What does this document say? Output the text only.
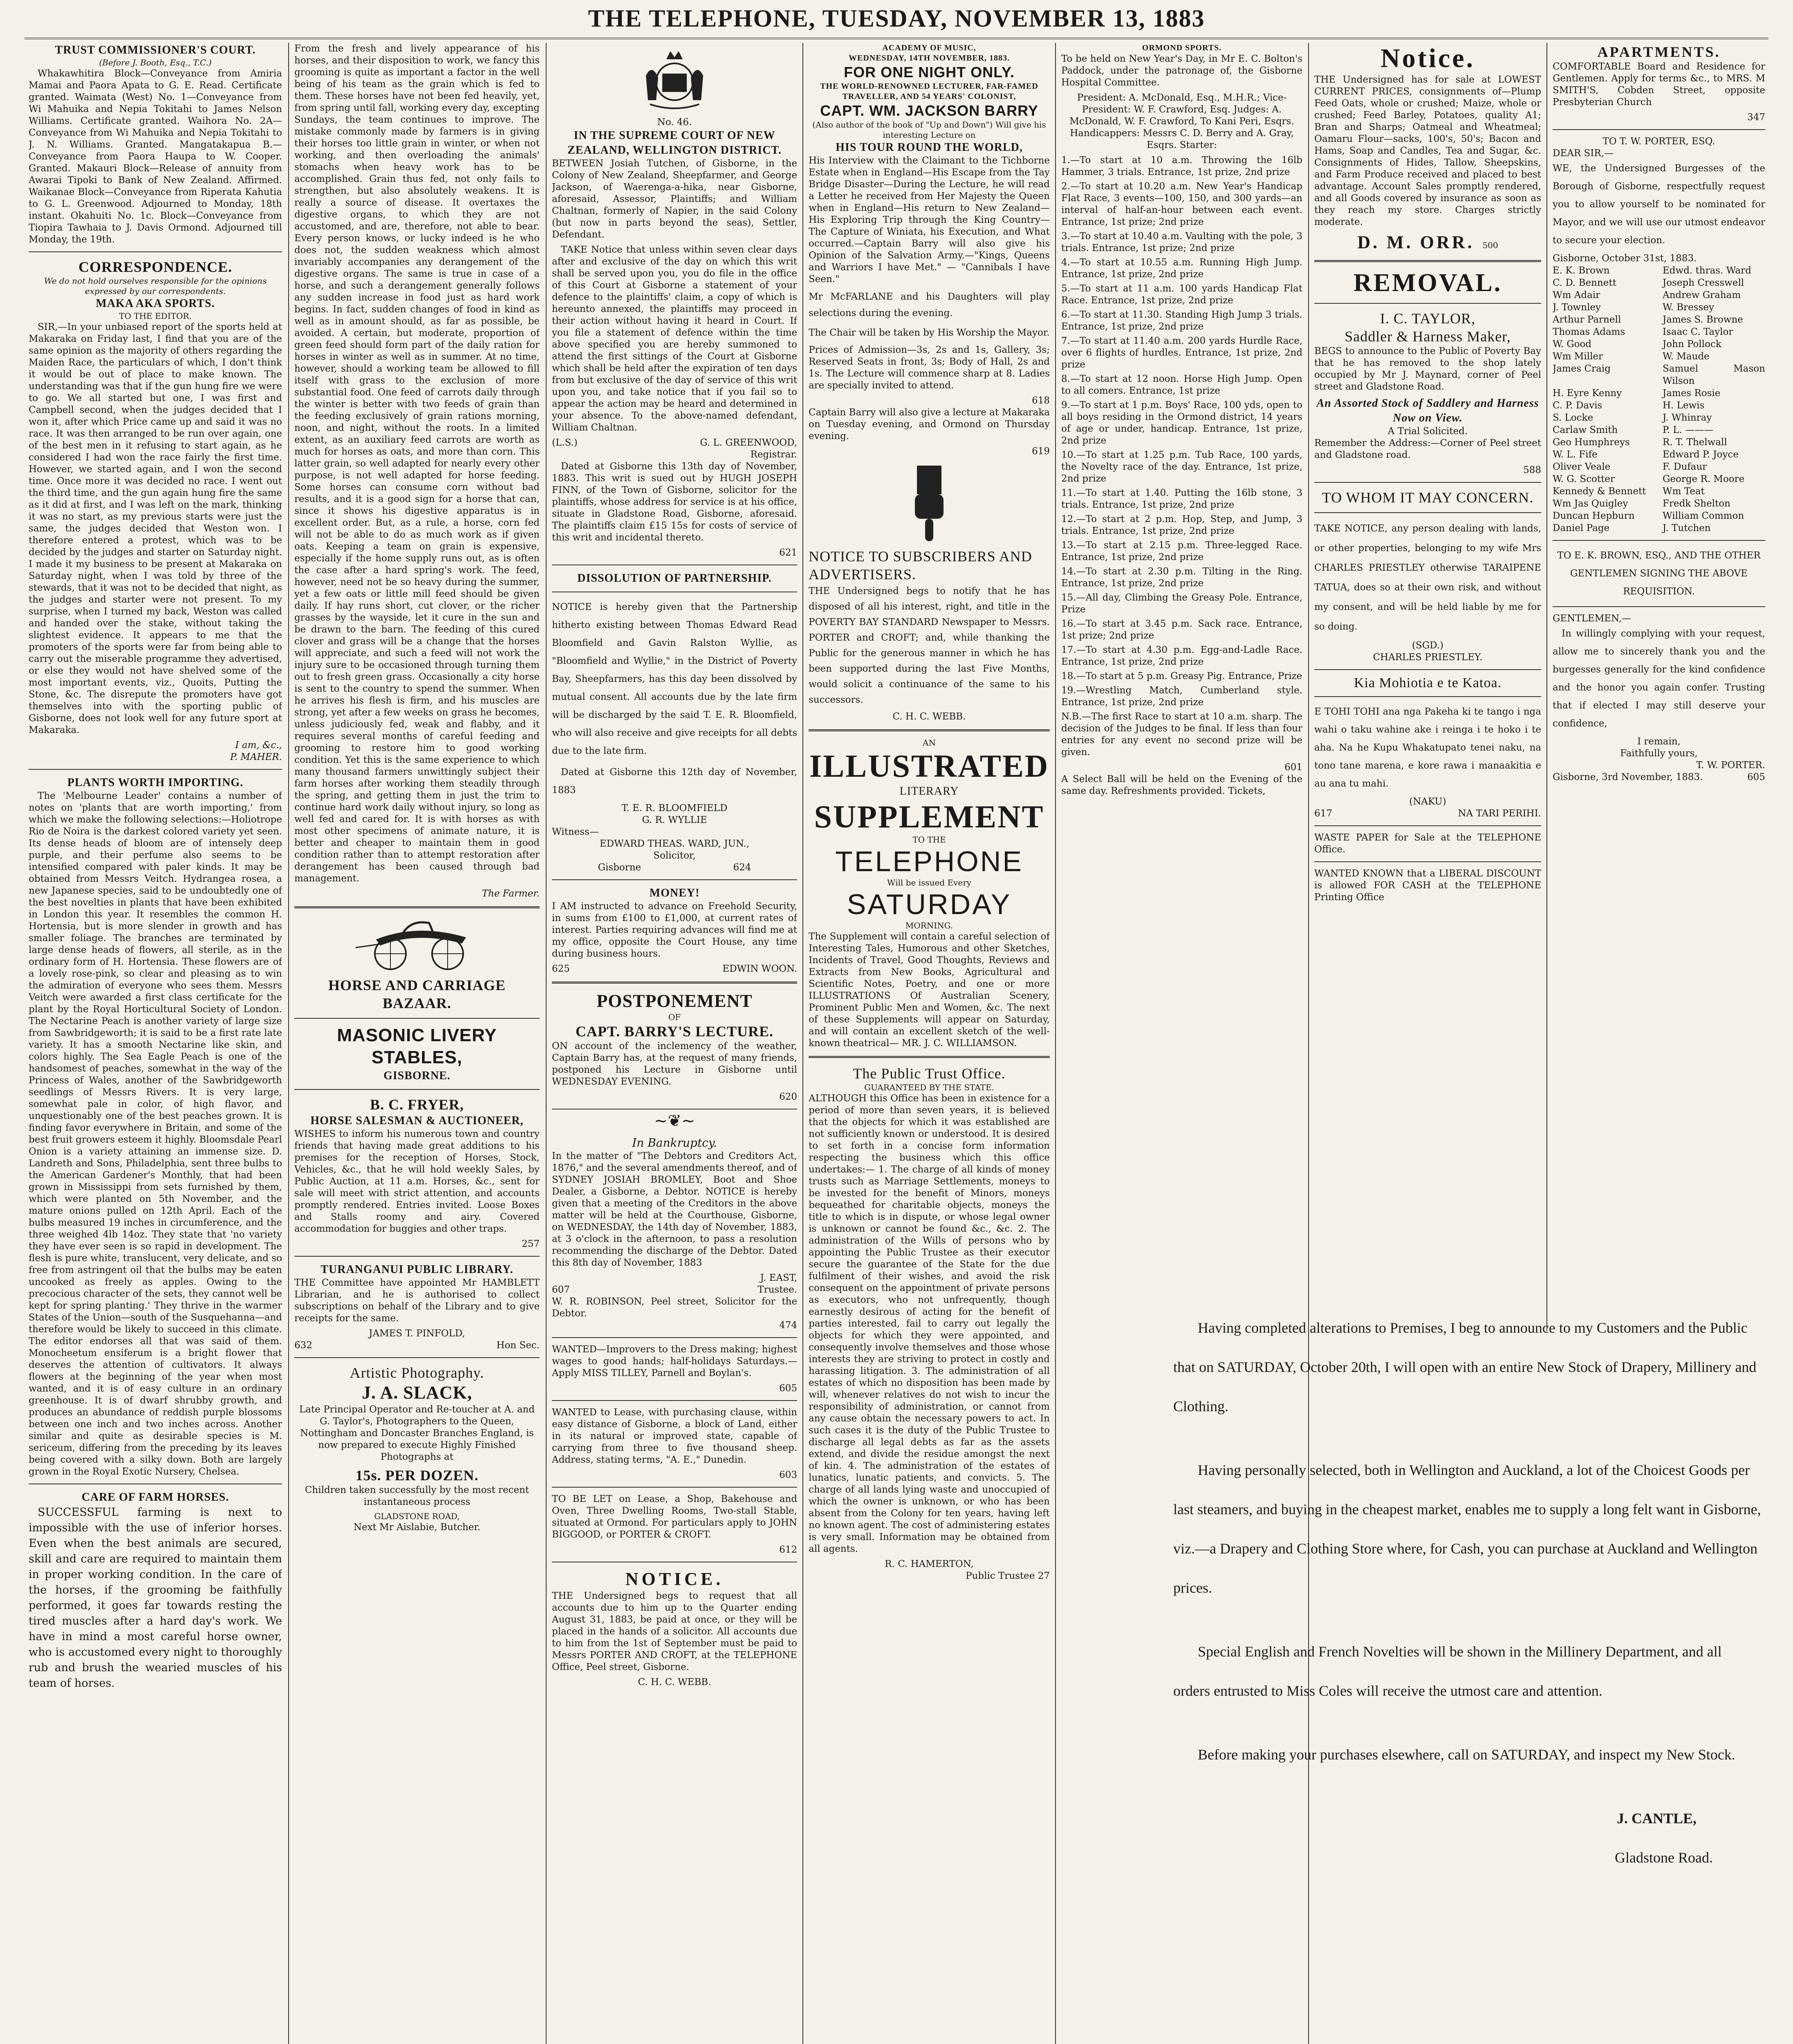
THE TELEPHONE, TUESDAY, NOVEMBER 13, 1883
TRUST COMMISSIONER'S COURT.
(Before J. Booth, Esq., T.C.)

Whakawhitira Block—Conveyance from Amiria Mamai and Paora Apata to G. E. Read. Certificate granted. Waimata (West) No. 1—Conveyance from Wi Mahuika and Nepia Tokitahi to James Nelson Williams. Certificate granted. Waihora No. 2A—Conveyance from Wi Mahuika and Nepia Tokitahi to J. N. Williams. Granted. Mangatakapua B.—Conveyance from Paora Haupa to W. Cooper. Granted. Makauri Block—Release of annuity from Awarai Tipoki to Bank of New Zealand. Affirmed. Waikanae Block—Conveyance from Riperata Kahutia to G. L. Greenwood. Adjourned to Monday, 18th instant. Okahuiti No. 1c. Block—Conveyance from Tiopira Tawhaia to J. Davis Ormond. Adjourned till Monday, the 19th.

CORRESPONDENCE.
We do not hold ourselves responsible for the opinions expressed by our correspondents.
MAKA AKA SPORTS.
TO THE EDITOR.

SIR,—In your unbiased report of the sports held at Makaraka on Friday last, I find that you are of the same opinion as the majority of others regarding the Maiden Race, the particulars of which, I don't think it would be out of place to make known. The understanding was that if the gun hung fire we were to go. We all started but one, I was first and Campbell second, when the judges decided that I won it, after which Price came up and said it was no race. It was then arranged to be run over again, one of the best men in it refusing to start again, as he considered I had won the race fairly the first time. However, we started again, and I won the second time. Once more it was decided no race. I went out the third time, and the gun again hung fire the same as it did at first, and I was left on the mark, thinking it was no start, as my previous starts were just the same, the judges decided that Weston won. I therefore entered a protest, which was to be decided by the judges and starter on Saturday night. I made it my business to be present at Makaraka on Saturday night, when I was told by three of the stewards, that it was not to be decided that night, as the judges and starter were not present. To my surprise, when I turned my back, Weston was called and handed over the stake, without taking the slightest evidence. It appears to me that the promoters of the sports were far from being able to carry out the miserable programme they advertised, or else they would not have shelved some of the most important events, viz., Quoits, Putting the Stone, &c. The disrepute the promoters have got themselves into with the sporting public of Gisborne, does not look well for any future sport at Makaraka.

I am, &c.,
P. MAHER.
PLANTS WORTH IMPORTING.

The 'Melbourne Leader' contains a number of notes on 'plants that are worth importing,' from which we make the following selections:—Holiotrope Rio de Noira is the darkest colored variety yet seen. Its dense heads of bloom are of intensely deep purple, and their perfume also seems to be intensified compared with paler kinds. It may be obtained from Messrs Veitch. Hydrangea rosea, a new Japanese species, said to be undoubtedly one of the best novelties in plants that have been exhibited in London this year. It resembles the common H. Hortensia, but is more slender in growth and has smaller foliage. The branches are terminated by large dense heads of flowers, all sterile, as in the ordinary form of H. Hortensia. These flowers are of a lovely rose-pink, so clear and pleasing as to win the admiration of everyone who sees them. Messrs Veitch were awarded a first class certificate for the plant by the Royal Horticultural Society of London. The Nectarine Peach is another variety of large size from Sawbridgeworth; it is said to be a first rate late variety. It has a smooth Nectarine like skin, and colors highly. The Sea Eagle Peach is one of the handsomest of peaches, somewhat in the way of the Princess of Wales, another of the Sawbridgeworth seedlings of Messrs Rivers. It is very large, somewhat pale in color, of high flavor, and unquestionably one of the best peaches grown. It is finding favor everywhere in Britain, and some of the best fruit growers esteem it highly. Bloomsdale Pearl Onion is a variety attaining an immense size. D. Landreth and Sons, Philadelphia, sent three bulbs to the American Gardener's Monthly, that had been grown in Mississippi from sets furnished by them, which were planted on 5th November, and the mature onions pulled on 12th April. Each of the bulbs measured 19 inches in circumference, and the three weighed 4lb 14oz. They state that 'no variety they have ever seen is so rapid in development. The flesh is pure white, translucent, very delicate, and so free from astringent oil that the bulbs may be eaten uncooked as freely as apples. Owing to the precocious character of the sets, they cannot well be kept for spring planting.' They thrive in the warmer States of the Union—south of the Susquehanna—and therefore would be likely to succeed in this climate. The editor endorses all that was said of them. Monocheetum ensiferum is a bright flower that deserves the attention of cultivators. It always flowers at the beginning of the year when most wanted, and it is of easy culture in an ordinary greenhouse. It is of dwarf shrubby growth, and produces an abundance of reddish purple blossoms between one inch and two inches across. Another similar and quite as desirable species is M. sericeum, differing from the preceding by its leaves being covered with a silky down. Both are largely grown in the Royal Exotic Nursery, Chelsea.

CARE OF FARM HORSES.

SUCCESSFUL farming is next to impossible with the use of inferior horses. Even when the best animals are secured, skill and care are required to maintain them in proper working condition. In the care of the horses, if the grooming be faithfully performed, it goes far towards resting the tired muscles after a hard day's work. We have in mind a most careful horse owner, who is accustomed every night to thoroughly rub and brush the wearied muscles of his team of horses.

From the fresh and lively appearance of his horses, and their disposition to work, we fancy this grooming is quite as important a factor in the well being of his team as the grain which is fed to them. These horses have not been fed heavily, yet, from spring until fall, working every day, excepting Sundays, the team continues to improve. The mistake commonly made by farmers is in giving their horses too little grain in winter, or when not working, and then overloading the animals' stomachs when heavy work has to be accomplished. Grain thus fed, not only fails to strengthen, but also absolutely weakens. It is really a source of disease. It overtaxes the digestive organs, to which they are not accustomed, and are, therefore, not able to bear. Every person knows, or lucky indeed is he who does not, the sudden weakness which almost invariably accompanies any derangement of the digestive organs. The same is true in case of a horse, and such a derangement generally follows any sudden increase in food just as hard work begins. In fact, sudden changes of food in kind as well as in amount should, as far as possible, be avoided. A certain, but moderate, proportion of green feed should form part of the daily ration for horses in winter as well as in summer. At no time, however, should a working team be allowed to fill itself with grass to the exclusion of more substantial food. One feed of carrots daily through the winter is better with two feeds of grain than the feeding exclusively of grain rations morning, noon, and night, without the roots. In a limited extent, as an auxiliary feed carrots are worth as much for horses as oats, and more than corn. This latter grain, so well adapted for nearly every other purpose, is not well adapted for horse feeding. Some horses can consume corn without bad results, and it is a good sign for a horse that can, since it shows his digestive apparatus is in excellent order. But, as a rule, a horse, corn fed will not be able to do as much work as if given oats. Keeping a team on grain is expensive, especially if the home supply runs out, as is often the case after a hard spring's work. The feed, however, need not be so heavy during the summer, yet a few oats or little mill feed should be given daily. If hay runs short, cut clover, or the richer grasses by the wayside, let it cure in the sun and be drawn to the barn. The feeding of this cured clover and grass will be a change that the horses will appreciate, and such a feed will not work the injury sure to be occasioned through turning them out to fresh green grass. Occasionally a city horse is sent to the country to spend the summer. When he arrives his flesh is firm, and his muscles are strong, yet after a few weeks on grass he becomes, unless judiciously fed, weak and flabby, and it requires several months of careful feeding and grooming to restore him to good working condition. Yet this is the same experience to which many thousand farmers unwittingly subject their farm horses after working them steadily through the spring, and getting them in just the trim to continue hard work daily without injury, so long as well fed and cared for. It is with horses as with most other specimens of animate nature, it is better and cheaper to maintain them in good condition rather than to attempt restoration after derangement has been caused through bad management.

The Farmer.
HORSE AND CARRIAGE BAZAAR.
MASONIC LIVERY STABLES,
GISBORNE.
B. C. FRYER,
HORSE SALESMAN & AUCTIONEER,

WISHES to inform his numerous town and country friends that having made great additions to his premises for the reception of Horses, Stock, Vehicles, &c., that he will hold weekly Sales, by Public Auction, at 11 a.m. Horses, &c., sent for sale will meet with strict attention, and accounts promptly rendered. Entries invited. Loose Boxes and Stalls roomy and airy. Covered accommodation for buggies and other traps.

257
TURANGANUI PUBLIC LIBRARY.

THE Committee have appointed Mr HAMBLETT Librarian, and he is authorised to collect subscriptions on behalf of the Library and to give receipts for the same.

JAMES T. PINFOLD,
632	Hon Sec.
Artistic Photography.
J. A. SLACK,

Late Principal Operator and Re-toucher at A. and G. Taylor's, Photographers to the Queen, Nottingham and Doncaster Branches England, is now prepared to execute Highly Finished Photographs at

15s. PER DOZEN.

Children taken successfully by the most recent instantaneous process

GLADSTONE ROAD,
Next Mr Aislabie, Butcher.
No. 46.
IN THE SUPREME COURT OF NEW ZEALAND, WELLINGTON DISTRICT.

BETWEEN Josiah Tutchen, of Gisborne, in the Colony of New Zealand, Sheepfarmer, and George Jackson, of Waerenga-a-hika, near Gisborne, aforesaid, Assessor, Plaintiffs; and William Chaltnan, formerly of Napier, in the said Colony (but now in parts beyond the seas), Settler, Defendant.

TAKE Notice that unless within seven clear days after and exclusive of the day on which this writ shall be served upon you, you do file in the office of this Court at Gisborne a statement of your defence to the plaintiffs' claim, a copy of which is hereunto annexed, the plaintiffs may proceed in their action without having it heard in Court. If you file a statement of defence within the time above specified you are hereby summoned to attend the first sittings of the Court at Gisborne which shall be held after the expiration of ten days from but exclusive of the day of service of this writ upon you, and take notice that if you fail so to appear the action may be heard and determined in your absence. To the above-named defendant, William Chaltnan.

(L.S.)	G. L. GREENWOOD,
Registrar.

Dated at Gisborne this 13th day of November, 1883. This writ is sued out by HUGH JOSEPH FINN, of the Town of Gisborne, solicitor for the plaintiffs, whose address for service is at his office, situate in Gladstone Road, Gisborne, aforesaid. The plaintiffs claim £15 15s for costs of service of this writ and incidental thereto.

621
DISSOLUTION OF PARTNERSHIP.

NOTICE is hereby given that the Partnership hitherto existing between Thomas Edward Read Bloomfield and Gavin Ralston Wyllie, as "Bloomfield and Wyllie," in the District of Poverty Bay, Sheepfarmers, has this day been dissolved by mutual consent. All accounts due by the late firm will be discharged by the said T. E. R. Bloomfield, who will also receive and give receipts for all debts due to the late firm.

Dated at Gisborne this 12th day of November, 1883

T. E. R. BLOOMFIELD
G. R. WYLLIE
Witness—
EDWARD THEAS. WARD, JUN.,
Solicitor,
Gisborne	624
MONEY!

I AM instructed to advance on Freehold Security, in sums from £100 to £1,000, at current rates of interest. Parties requiring advances will find me at my office, opposite the Court House, any time during business hours.

625	EDWIN WOON.
POSTPONEMENT
OF
CAPT. BARRY'S LECTURE.

ON account of the inclemency of the weather, Captain Barry has, at the request of many friends, postponed his Lecture in Gisborne until WEDNESDAY EVENING.

620
~❦~
In Bankruptcy.

In the matter of "The Debtors and Creditors Act, 1876," and the several amendments thereof, and of SYDNEY JOSIAH BROMLEY, Boot and Shoe Dealer, a Gisborne, a Debtor. NOTICE is hereby given that a meeting of the Creditors in the above matter will be held at the Courthouse, Gisborne, on WEDNESDAY, the 14th day of November, 1883, at 3 o'clock in the afternoon, to pass a resolution recommending the discharge of the Debtor. Dated this 8th day of November, 1883

J. EAST,
607	Trustee.
W. R. ROBINSON, Peel street, Solicitor for the Debtor.
474

WANTED—Improvers to the Dress making; highest wages to good hands; half-holidays Saturdays.—Apply MISS TILLEY, Parnell and Boylan's.

605

WANTED to Lease, with purchasing clause, within easy distance of Gisborne, a block of Land, either in its natural or improved state, capable of carrying from three to five thousand sheep. Address, stating terms, "A. E.," Dunedin.

603

TO BE LET on Lease, a Shop, Bakehouse and Oven, Three Dwelling Rooms, Two-stall Stable, situated at Ormond. For particulars apply to JOHN BIGGOOD, or PORTER & CROFT.

612
NOTICE.

THE Undersigned begs to request that all accounts due to him up to the Quarter ending August 31, 1883, be paid at once, or they will be placed in the hands of a solicitor. All accounts due to him from the 1st of September must be paid to Messrs PORTER AND CROFT, at the TELEPHONE Office, Peel street, Gisborne.

C. H. C. WEBB.
ACADEMY OF MUSIC,
WEDNESDAY, 14TH NOVEMBER, 1883.
FOR ONE NIGHT ONLY.
THE WORLD-RENOWNED LECTURER, FAR-FAMED TRAVELLER, AND 54 YEARS' COLONIST,
CAPT. WM. JACKSON BARRY
(Also author of the book of "Up and Down") Will give his interesting Lecture on
HIS TOUR ROUND THE WORLD,

His Interview with the Claimant to the Tichborne Estate when in England—His Escape from the Tay Bridge Disaster—During the Lecture, he will read a Letter he received from Her Majesty the Queen when in England—His return to New Zealand—His Exploring Trip through the King Country—The Capture of Winiata, his Execution, and What occurred.—Captain Barry will also give his Opinion of the Salvation Army.—"Kings, Queens and Warriors I have Met." — "Cannibals I have Seen."

Mr McFARLANE and his Daughters will play selections during the evening.

The Chair will be taken by His Worship the Mayor.

Prices of Admission—3s, 2s and 1s, Gallery, 3s; Reserved Seats in front, 3s; Body of Hall, 2s and 1s. The Lecture will commence sharp at 8. Ladies are specially invited to attend.

618

Captain Barry will also give a lecture at Makaraka on Tuesday evening, and Ormond on Thursday evening.

619
NOTICE TO SUBSCRIBERS AND ADVERTISERS.

THE Undersigned begs to notify that he has disposed of all his interest, right, and title in the POVERTY BAY STANDARD Newspaper to Messrs. PORTER and CROFT; and, while thanking the Public for the generous manner in which he has been supported during the last Five Months, would solicit a continuance of the same to his successors.

C. H. C. WEBB.
AN
ILLUSTRATED
LITERARY
SUPPLEMENT
TO THE
TELEPHONE
Will be issued Every
SATURDAY
MORNING.

The Supplement will contain a careful selection of Interesting Tales, Humorous and other Sketches, Incidents of Travel, Good Thoughts, Reviews and Extracts from New Books, Agricultural and Scientific Notes, Poetry, and one or more ILLUSTRATIONS Of Australian Scenery, Prominent Public Men and Women, &c. The next of these Supplements will appear on Saturday, and will contain an excellent sketch of the well-known theatrical— MR. J. C. WILLIAMSON.

The Public Trust Office.
GUARANTEED BY THE STATE.

ALTHOUGH this Office has been in existence for a period of more than seven years, it is believed that the objects for which it was established are not sufficiently known or understood. It is desired to set forth in a concise form information respecting the business which this office undertakes:— 1. The charge of all kinds of money trusts such as Marriage Settlements, moneys to be invested for the benefit of Minors, moneys bequeathed for charitable objects, moneys the title to which is in dispute, or whose legal owner is unknown or cannot be found &c., &c. 2. The administration of the Wills of persons who by appointing the Public Trustee as their executor secure the guarantee of the State for the due fulfilment of their wishes, and avoid the risk consequent on the appointment of private persons as executors, who not unfrequently, though earnestly desirous of acting for the benefit of parties interested, fail to carry out legally the objects for which they were appointed, and consequently involve themselves and those whose interests they are striving to protect in costly and harassing litigation. 3. The administration of all estates of which no disposition has been made by will, whenever relatives do not wish to incur the responsibility of administration, or cannot from any cause obtain the necessary powers to act. In such cases it is the duty of the Public Trustee to discharge all legal debts as far as the assets extend, and divide the residue amongst the next of kin. 4. The administration of the estates of lunatics, lunatic patients, and convicts. 5. The charge of all lands lying waste and unoccupied of which the owner is unknown, or who has been absent from the Colony for ten years, having left no known agent. The cost of administering estates is very small. Information may be obtained from all agents.

R. C. HAMERTON,
Public Trustee 27
ORMOND SPORTS.

To be held on New Year's Day, in Mr E. C. Bolton's Paddock, under the patronage of, the Gisborne Hospital Committee.

President: A. McDonald, Esq., M.H.R.; Vice-President: W. F. Crawford, Esq. Judges: A. McDonald, W. F. Crawford, To Kani Peri, Esqrs. Handicappers: Messrs C. D. Berry and A. Gray, Esqrs. Starter:

1.—To start at 10 a.m. Throwing the 16lb Hammer, 3 trials. Entrance, 1st prize, 2nd prize
2.—To start at 10.20 a.m. New Year's Handicap Flat Race, 3 events—100, 150, and 300 yards—an interval of half-an-hour between each event. Entrance, 1st prize; 2nd prize
3.—To start at 10.40 a.m. Vaulting with the pole, 3 trials. Entrance, 1st prize; 2nd prize
4.—To start at 10.55 a.m. Running High Jump. Entrance, 1st prize, 2nd prize
5.—To start at 11 a.m. 100 yards Handicap Flat Race. Entrance, 1st prize, 2nd prize
6.—To start at 11.30. Standing High Jump 3 trials. Entrance, 1st prize, 2nd prize
7.—To start at 11.40 a.m. 200 yards Hurdle Race, over 6 flights of hurdles. Entrance, 1st prize, 2nd prize
8.—To start at 12 noon. Horse High Jump. Open to all comers. Entrance, 1st prize
9.—To start at 1 p.m. Boys' Race, 100 yds, open to all boys residing in the Ormond district, 14 years of age or under, handicap. Entrance, 1st prize, 2nd prize
10.—To start at 1.25 p.m. Tub Race, 100 yards, the Novelty race of the day. Entrance, 1st prize, 2nd prize
11.—To start at 1.40. Putting the 16lb stone, 3 trials. Entrance, 1st prize, 2nd prize
12.—To start at 2 p.m. Hop, Step, and Jump, 3 trials. Entrance, 1st prize, 2nd prize
13.—To start at 2.15 p.m. Three-legged Race. Entrance, 1st prize, 2nd prize
14.—To start at 2.30 p.m. Tilting in the Ring. Entrance, 1st prize, 2nd prize
15.—All day, Climbing the Greasy Pole. Entrance, Prize
16.—To start at 3.45 p.m. Sack race. Entrance, 1st prize; 2nd prize
17.—To start at 4.30 p.m. Egg-and-Ladle Race. Entrance, 1st prize, 2nd prize
18.—To start at 5 p.m. Greasy Pig. Entrance, Prize
19.—Wrestling Match, Cumberland style. Entrance, 1st prize, 2nd prize

N.B.—The first Race to start at 10 a.m. sharp. The decision of the Judges to be final. If less than four entries for any event no second prize will be given.

601

A Select Ball will be held on the Evening of the same day. Refreshments provided. Tickets,

Notice.

THE Undersigned has for sale at LOWEST CURRENT PRICES, consignments of—Plump Feed Oats, whole or crushed; Maize, whole or crushed; Feed Barley, Potatoes, quality A1; Bran and Sharps; Oatmeal and Wheatmeal; Oamaru Flour—sacks, 100's, 50's; Bacon and Hams, Soap and Candles, Tea and Sugar, &c. Consignments of Hides, Tallow, Sheepskins, and Farm Produce received and placed to best advantage. Account Sales promptly rendered, and all Goods covered by insurance as soon as they reach my store. Charges strictly moderate.

D. M. ORR. 500
REMOVAL.
I. C. TAYLOR,
Saddler & Harness Maker,

BEGS to announce to the Public of Poverty Bay that he has removed to the shop lately occupied by Mr J. Maynard, corner of Peel street and Gladstone Road.

An Assorted Stock of Saddlery and Harness Now on View.
A Trial Solicited.

Remember the Address:—Corner of Peel street and Gladstone road.

588
TO WHOM IT MAY CONCERN.

TAKE NOTICE, any person dealing with lands, or other properties, belonging to my wife Mrs CHARLES PRIESTLEY otherwise TARAIPENE TATUA, does so at their own risk, and without my consent, and will be held liable by me for so doing.

(SGD.)
CHARLES PRIESTLEY.
Kia Mohiotia e te Katoa.

E TOHI TOHI ana nga Pakeha ki te tango i nga wahi o taku wahine ake i reinga i te hoko i te aha. Na he Kupu Whakatupato tenei naku, na tono tane marena, e kore rawa i manaakitia e au ana tu mahi.

(NAKU)
617	NA TARI PERIHI.

WASTE PAPER for Sale at the TELEPHONE Office.

WANTED KNOWN that a LIBERAL DISCOUNT is allowed FOR CASH at the TELEPHONE Printing Office

APARTMENTS.

COMFORTABLE Board and Residence for Gentlemen. Apply for terms &c., to MRS. M SMITH'S, Cobden Street, opposite Presbyterian Church

347
TO T. W. PORTER, ESQ.
DEAR SIR,—

WE, the Undersigned Burgesses of the Borough of Gisborne, respectfully request you to allow yourself to be nominated for Mayor, and we will use our utmost endeavor to secure your election.

Gisborne, October 31st, 1883.
E. K. Brown	Edwd. thras. Ward
C. D. Bennett	Joseph Cresswell
Wm Adair	Andrew Graham
J. Townley	W. Bressey
Arthur Parnell	James S. Browne
Thomas Adams	Isaac C. Taylor
W. Good	John Pollock
Wm Miller	W. Maude
James Craig	Samuel Mason Wilson
H. Eyre Kenny	James Rosie
C. P. Davis	H. Lewis
S. Locke	J. Whinray
Carlaw Smith	P. L. ———
Geo Humphreys	R. T. Thelwall
W. L. Fife	Edward P. Joyce
Oliver Veale	F. Dufaur
W. G. Scotter	George R. Moore
Kennedy & Bennett	Wm Teat
Wm Jas Quigley	Fredk Shelton
Duncan Hepburn	William Common
Daniel Page	J. Tutchen
TO E. K. BROWN, ESQ., AND THE OTHER GENTLEMEN SIGNING THE ABOVE REQUISITION.
GENTLEMEN,—

In willingly complying with your request, allow me to sincerely thank you and the burgesses generally for the kind confidence and the honor you again confer. Trusting that if elected I may still deserve your confidence,

I remain,
Faithfully yours,
T. W. PORTER.
Gisborne, 3rd November, 1883.	605

Having completed alterations to Premises, I beg to announce to my Customers and the Public that on SATURDAY, October 20th, I will open with an entire New Stock of Drapery, Millinery and Clothing.

Having personally selected, both in Wellington and Auckland, a lot of the Choicest Goods per last steamers, and buying in the cheapest market, enables me to supply a long felt want in Gisborne, viz.—a Drapery and Clothing Store where, for Cash, you can purchase at Auckland and Wellington prices.

Special English and French Novelties will be shown in the Millinery Department, and all orders entrusted to Miss Coles will receive the utmost care and attention.

Before making your purchases elsewhere, call on SATURDAY, and inspect my New Stock.

J. CANTLE,
Gladstone Road.
